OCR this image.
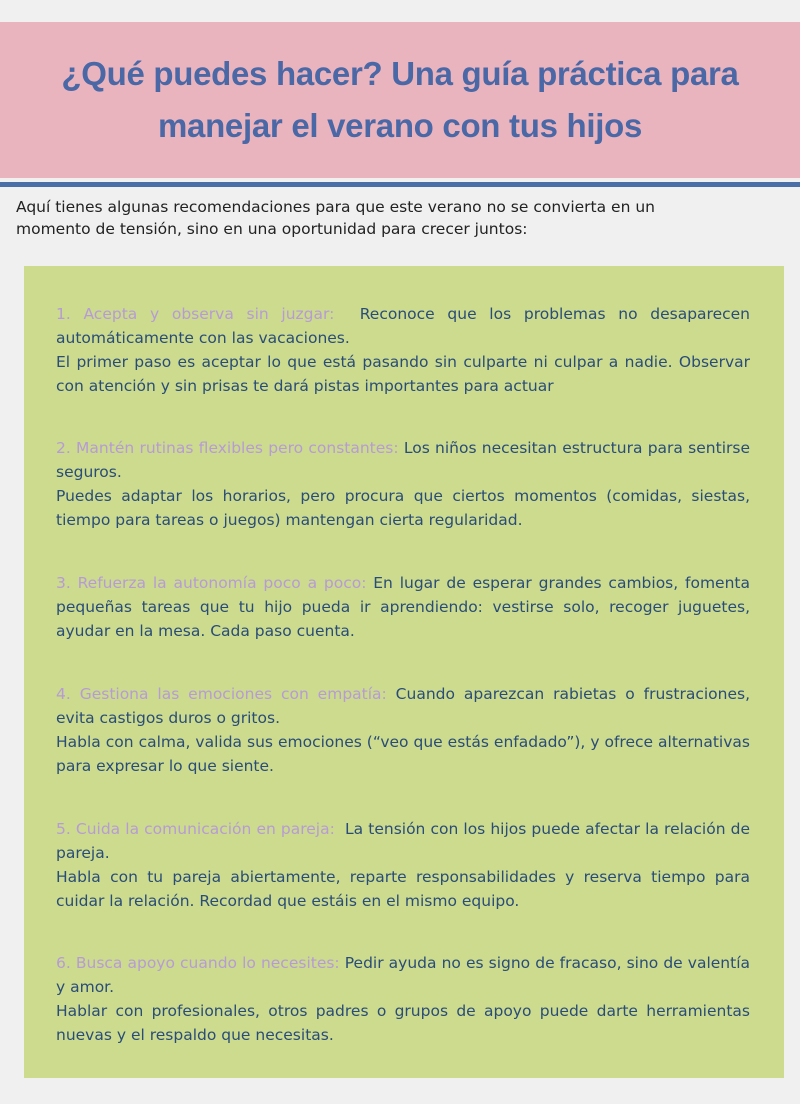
¿Qué puedes hacer? Una guía práctica para manejar el verano con tus hijos

Aquí tienes algunas recomendaciones para que este verano no se convierta en un momento de tensión, sino en una oportunidad para crecer juntos:

1. Acepta y observa sin juzgar: Reconoce que los problemas no desaparecen automáticamente con las vacaciones.
El primer paso es aceptar lo que está pasando sin culparte ni culpar a nadie. Observar con atención y sin prisas te dará pistas importantes para actuar

2. Mantén rutinas flexibles pero constantes: Los niños necesitan estructura para sentirse seguros.
Puedes adaptar los horarios, pero procura que ciertos momentos (comidas, siestas, tiempo para tareas o juegos) mantengan cierta regularidad.

3. Refuerza la autonomía poco a poco: En lugar de esperar grandes cambios, fomenta pequeñas tareas que tu hijo pueda ir aprendiendo: vestirse solo, recoger juguetes, ayudar en la mesa. Cada paso cuenta.

4. Gestiona las emociones con empatía: Cuando aparezcan rabietas o frustraciones, evita castigos duros o gritos.
Habla con calma, valida sus emociones (“veo que estás enfadado”), y ofrece alternativas para expresar lo que siente.

5. Cuida la comunicación en pareja: La tensión con los hijos puede afectar la relación de pareja.
Habla con tu pareja abiertamente, reparte responsabilidades y reserva tiempo para cuidar la relación. Recordad que estáis en el mismo equipo.

6. Busca apoyo cuando lo necesites: Pedir ayuda no es signo de fracaso, sino de valentía y amor.
Hablar con profesionales, otros padres o grupos de apoyo puede darte herramientas nuevas y el respaldo que necesitas.
